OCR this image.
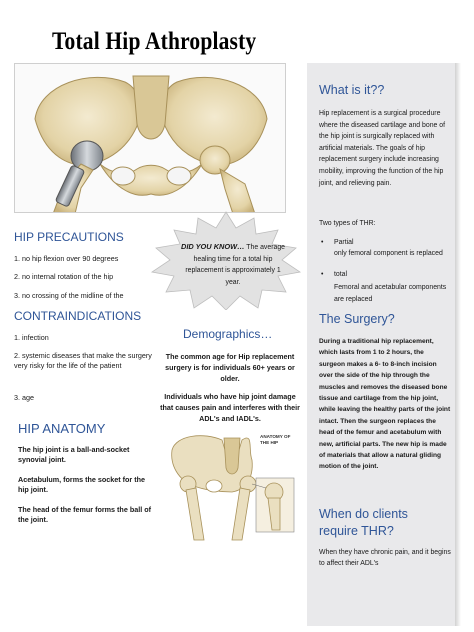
Total Hip Athroplasty
What is it??
Hip replacement is a surgical procedure where the diseased cartilage and bone of the hip joint is surgically replaced with artificial materials. The goals of hip replacement surgery include increasing mobility, improving the function of the hip joint, and relieving pain.
Two types of THR:
• Partial
only femoral component is replaced
• total
Femoral and acetabular components are replaced
The Surgery?
During a traditional hip replacement, which lasts from 1 to 2 hours, the surgeon makes a 6- to 8-inch incision over the side of the hip through the muscles and removes the diseased bone tissue and cartilage from the hip joint, while leaving the healthy parts of the joint intact. Then the surgeon replaces the head of the femur and acetabulum with new, artificial parts. The new hip is made of materials that allow a natural gliding motion of the joint.
When do clients require THR?
When they have chronic pain, and it begins to affect their ADL's
HIP PRECAUTIONS
1. no hip flexion over 90 degrees
2. no internal rotation of the hip
3. no crossing of the midline of the
CONTRAINDICATIONS
1. infection
2. systemic diseases that make the surgery very risky for the life of the patient
3. age
HIP ANATOMY
The hip joint is a ball-and-socket synovial joint.
Acetabulum, forms the socket for the hip joint.
The head of the femur forms the ball of the joint.
DID YOU KNOW… The average healing time for a total hip replacement is approximately 1 year.
Demographics…
The common age for Hip replacement surgery is for individuals 60+ years or older.
Individuals who have hip joint damage that causes pain and interferes with their ADL's and IADL's.
ANATOMY OF THE HIP
